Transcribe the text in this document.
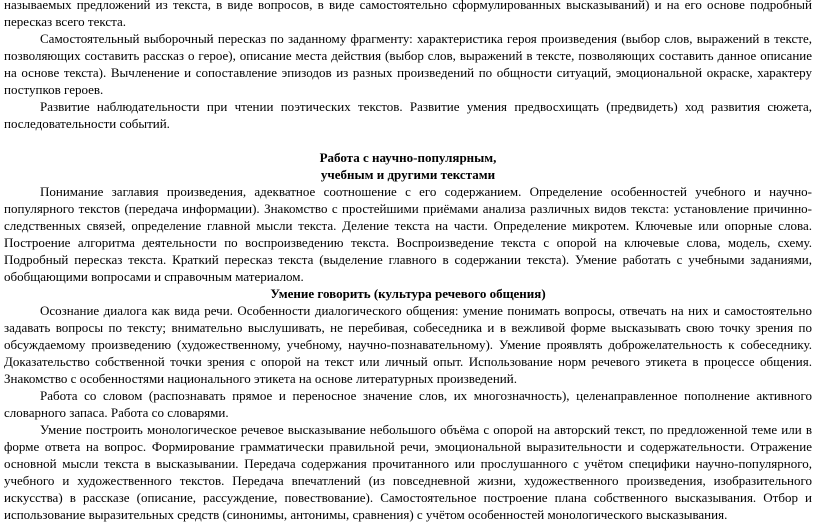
называемых предложений из текста, в виде вопросов, в виде самостоятельно сформулированных высказываний) и на его основе подробный пересказ всего текста.

Самостоятельный выборочный пересказ по заданному фрагменту: характеристика героя произведения (выбор слов, выражений в тексте, позволяющих составить рассказ о герое), описание места действия (выбор слов, выражений в тексте, позволяющих составить данное описание на основе текста). Вычленение и сопоставление эпизодов из разных произведений по общности ситуаций, эмоциональной окраске, характеру поступков героев.

Развитие наблюдательности при чтении поэтических текстов. Развитие умения предвосхищать (предвидеть) ход развития сюжета, последовательности событий.

Работа с научно-популярным,

учебным и другими текстами

Понимание заглавия произведения, адекватное соотношение с его содержанием. Определение особенностей учебного и научно-популярного текстов (передача информации). Знакомство с простейшими приёмами анализа различных видов текста: установление причинно-следственных связей, определение главной мысли текста. Деление текста на части. Определение микротем. Ключевые или опорные слова. Построение алгоритма деятельности по воспроизведению текста. Воспроизведение текста с опорой на ключевые слова, модель, схему. Подробный пересказ текста. Краткий пересказ текста (выделение главного в содержании текста). Умение работать с учебными заданиями, обобщающими вопросами и справочным материалом.

Умение говорить (культура речевого общения)

Осознание диалога как вида речи. Особенности диалогического общения: умение понимать вопросы, отвечать на них и самостоятельно задавать вопросы по тексту; внимательно выслушивать, не перебивая, собеседника и в вежливой форме высказывать свою точку зрения по обсуждаемому произведению (художественному, учебному, научно-познавательному). Умение проявлять доброжелательность к собеседнику. Доказательство собственной точки зрения с опорой на текст или личный опыт. Использование норм речевого этикета в процессе общения. Знакомство с особенностями национального этикета на основе литературных произведений.

Работа со словом (распознавать прямое и переносное значение слов, их многозначность), целенаправленное пополнение активного словарного запаса. Работа со словарями.

Умение построить монологическое речевое высказывание небольшого объёма с опорой на авторский текст, по предложенной теме или в форме ответа на вопрос. Формирование грамматически правильной речи, эмоциональной выразительности и содержательности. Отражение основной мысли текста в высказывании. Передача содержания прочитанного или прослушанного с учётом специфики научно-популярного, учебного и художественного текстов. Передача впечатлений (из повседневной жизни, художественного произведения, изобразительного искусства) в рассказе (описание, рассуждение, повествование). Самостоятельное построение плана собственного высказывания. Отбор и использование выразительных средств (синонимы, антонимы, сравнения) с учётом особенностей монологического высказывания.
